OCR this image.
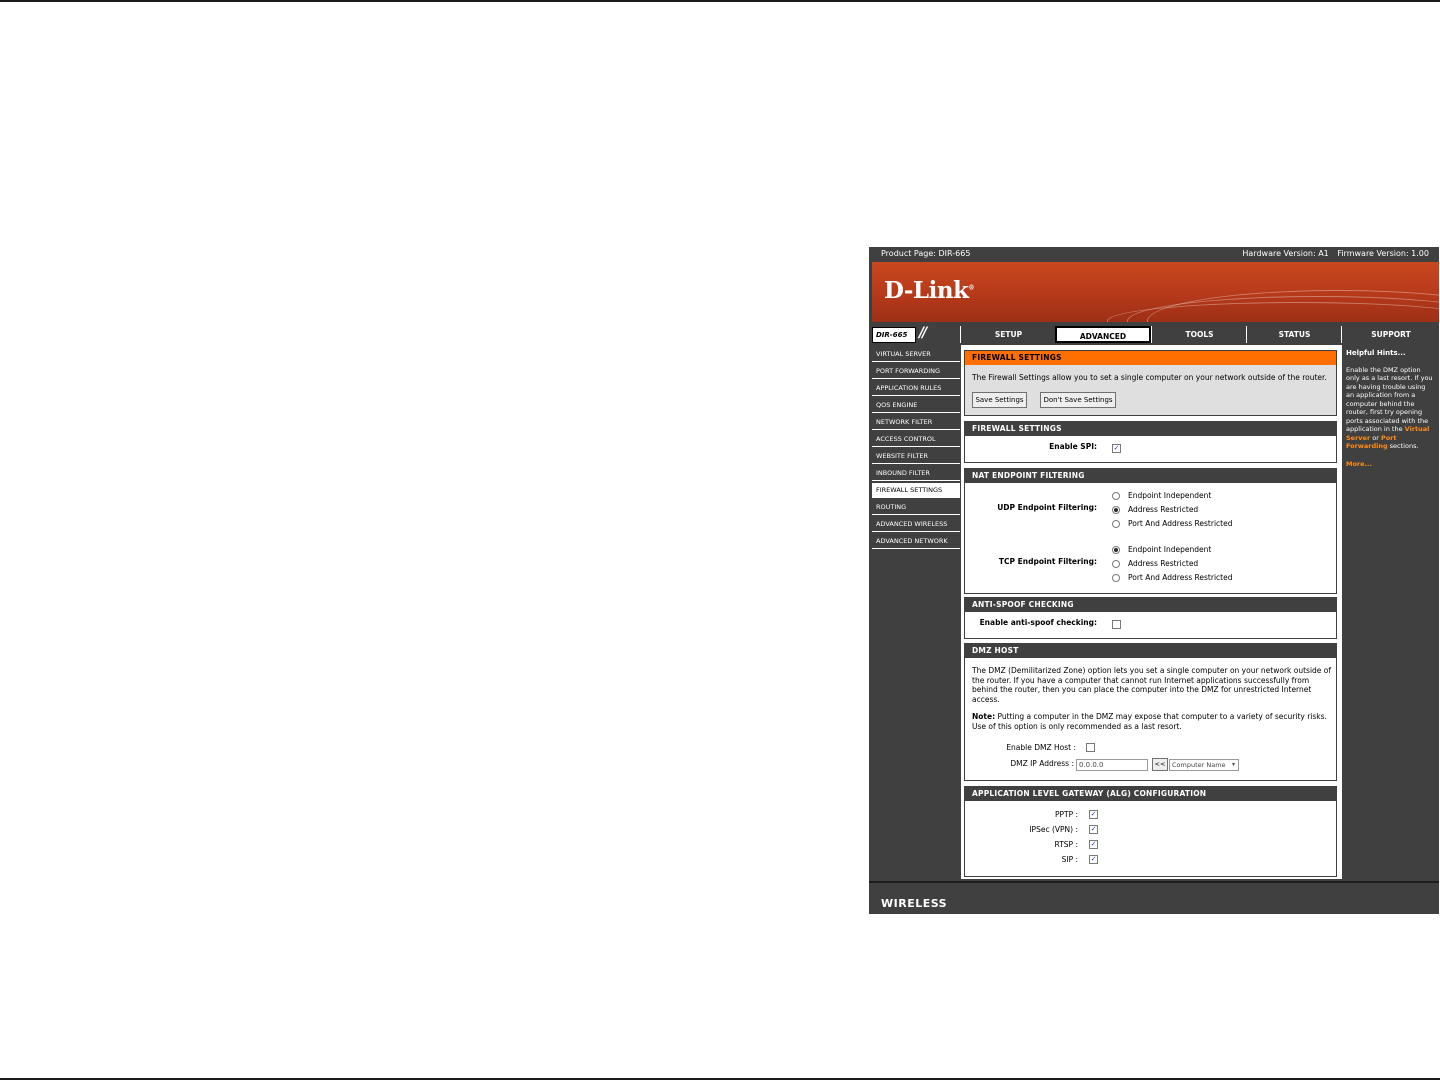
Product Page: DIR-665	Hardware Version: A1 Firmware Version: 1.00
D-Link®
DIR-665 //	SETUP	ADVANCED	TOOLS	STATUS	SUPPORT
VIRTUAL SERVER
PORT FORWARDING
APPLICATION RULES
QOS ENGINE
NETWORK FILTER
ACCESS CONTROL
WEBSITE FILTER
INBOUND FILTER
FIREWALL SETTINGS
ROUTING
ADVANCED WIRELESS
ADVANCED NETWORK
FIREWALL SETTINGS
The Firewall Settings allow you to set a single computer on your network outside of the router.
Save Settings	Don't Save Settings
FIREWALL SETTINGS
Enable SPI: ✓
NAT ENDPOINT FILTERING
UDP Endpoint Filtering:
Endpoint Independent
Address Restricted
Port And Address Restricted
TCP Endpoint Filtering:
Endpoint Independent
Address Restricted
Port And Address Restricted
ANTI-SPOOF CHECKING
Enable anti-spoof checking:
DMZ HOST
The DMZ (Demilitarized Zone) option lets you set a single computer on your network outside of the router. If you have a computer that cannot run Internet applications successfully from behind the router, then you can place the computer into the DMZ for unrestricted Internet access.
Note: Putting a computer in the DMZ may expose that computer to a variety of security risks. Use of this option is only recommended as a last resort.
Enable DMZ Host :
DMZ IP Address : 0.0.0.0	<<	Computer Name ▾
APPLICATION LEVEL GATEWAY (ALG) CONFIGURATION
PPTP : ✓
IPSec (VPN) : ✓
RTSP : ✓
SIP : ✓
Helpful Hints...
Enable the DMZ option only as a last resort. If you are having trouble using an application from a computer behind the router, first try opening ports associated with the application in the Virtual Server or Port Forwarding sections.
More...
WIRELESS
